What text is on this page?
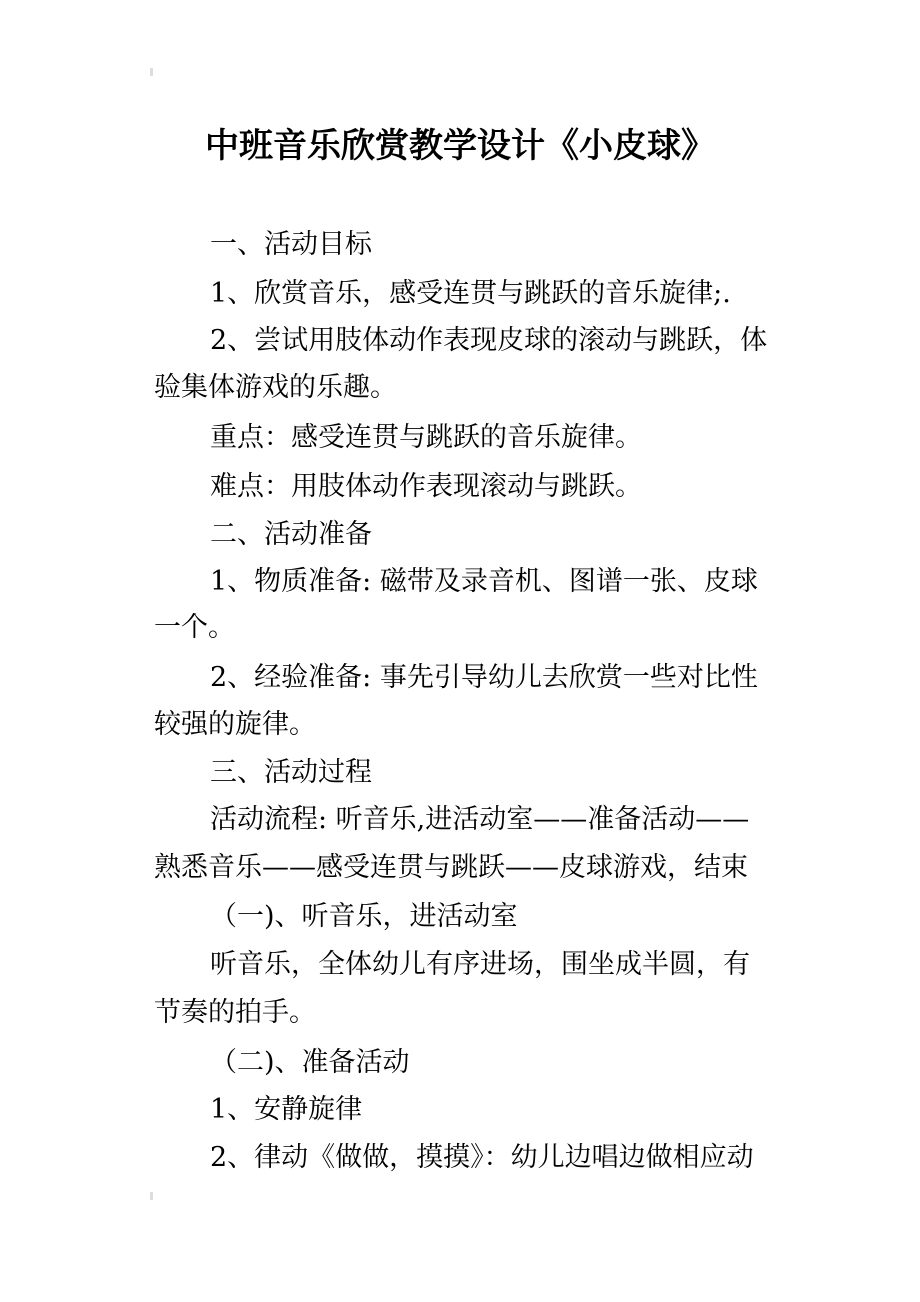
中班音乐欣赏教学设计《小皮球》
一、活动目标
1、欣赏音乐，感受连贯与跳跃的音乐旋律;.
2、尝试用肢体动作表现皮球的滚动与跳跃，体
验集体游戏的乐趣。
重点：感受连贯与跳跃的音乐旋律。
难点：用肢体动作表现滚动与跳跃。
二、活动准备
1、物质准备: 磁带及录音机、图谱一张、皮球
一个。
2、经验准备: 事先引导幼儿去欣赏一些对比性
较强的旋律。
三、活动过程
活动流程: 听音乐,进活动室——准备活动——
熟悉音乐——感受连贯与跳跃——皮球游戏，结束
（一)、听音乐，进活动室
听音乐，全体幼儿有序进场，围坐成半圆，有
节奏的拍手。
（二)、准备活动
1、安静旋律
2、律动《做做，摸摸》：幼儿边唱边做相应动
